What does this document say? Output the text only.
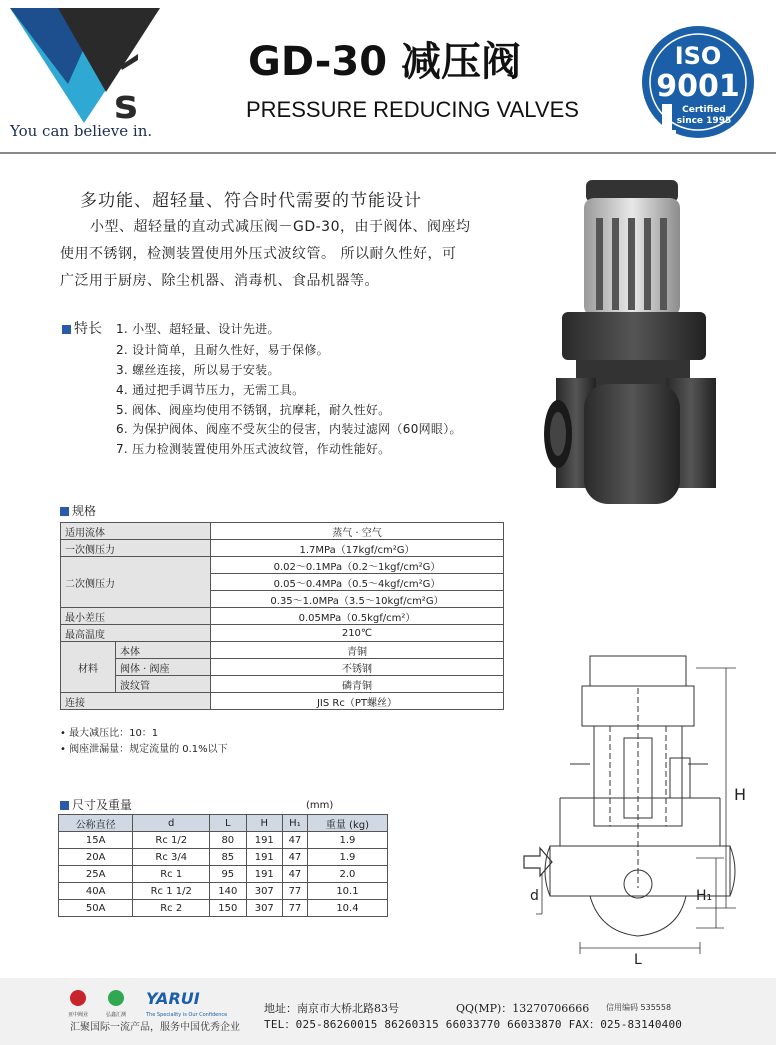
s
You can believe in.
GD-30 减压阀
PRESSURE REDUCING VALVES
ISO
9001
Certified
since 1995
多功能、超轻量、符合时代需要的节能设计
小型、超轻量的直动式减压阀－GD-30，由于阀体、阀座均
使用不锈钢，检测装置使用外压式波纹管。 所以耐久性好，可
广泛用于厨房、除尘机器、消毒机、食品机器等。
特长 1. 小型、超轻量、设计先进。
2. 设计简单，且耐久性好，易于保修。
3. 螺丝连接，所以易于安装。
4. 通过把手调节压力，无需工具。
5. 阀体、阀座均使用不锈钢，抗摩耗，耐久性好。
6. 为保护阀体、阀座不受灰尘的侵害，内装过滤网（60网眼）。
7. 压力检测装置使用外压式波纹管，作动性能好。
规格
适用流体		蒸气 · 空气
一次侧压力		1.7MPa（17kgf/cm²G）
二次侧压力		0.02～0.1MPa（0.2～1kgf/cm²G）
		0.05～0.4MPa（0.5～4kgf/cm²G）
		0.35～1.0MPa（3.5～10kgf/cm²G）
最小差压		0.05MPa（0.5kgf/cm²）
最高温度		210℃
材料	本体	青铜
	阀体 · 阀座	不锈钢
	波纹管	磷青铜
连接		JIS Rc（PT螺丝）
• 最大减压比：10：1
• 阀座泄漏量：规定流量的 0.1%以下
尺寸及重量	(mm)
公称直径	d	L	H	H₁	重量 (kg)
15A	Rc 1/2	80	191	47	1.9
20A	Rc 3/4	85	191	47	1.9
25A	Rc 1	95	191	47	2.0
40A	Rc 1 1/2	140	307	77	10.1
50A	Rc 2	150	307	77	10.4
H
H₁
d
L
亚中阀业	弘鑫汇测
YARUI
The Speciality is Our Confidence
汇聚国际一流产品，服务中国优秀企业
地址：南京市大桥北路83号	QQ(MP)：13270706666 信用编码 535558
TEL：025-86260015 86260315 66033770 66033870 FAX：025-83140400
